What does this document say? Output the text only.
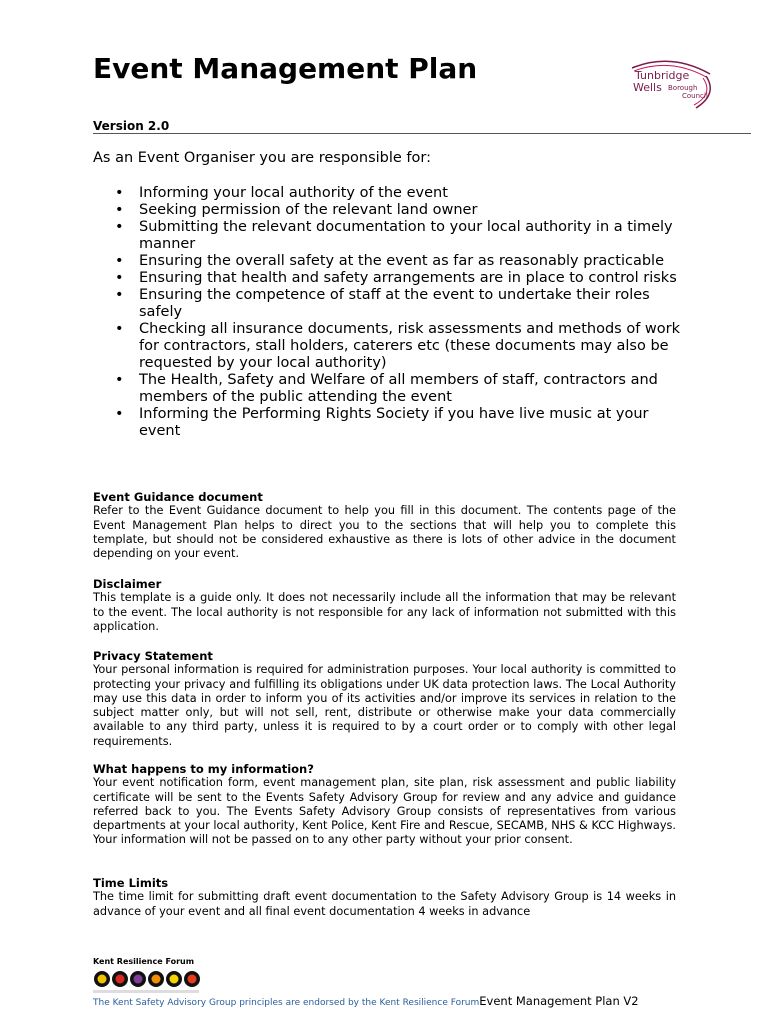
Event Management Plan
Version 2.0
Tunbridge
Wells Borough
Council
As an Event Organiser you are responsible for:
• Informing your local authority of the event
• Seeking permission of the relevant land owner
• Submitting the relevant documentation to your local authority in a timely manner
• Ensuring the overall safety at the event as far as reasonably practicable
• Ensuring that health and safety arrangements are in place to control risks
• Ensuring the competence of staff at the event to undertake their roles safely
• Checking all insurance documents, risk assessments and methods of work for contractors, stall holders, caterers etc (these documents may also be requested by your local authority)
• The Health, Safety and Welfare of all members of staff, contractors and members of the public attending the event
• Informing the Performing Rights Society if you have live music at your event
Event Guidance document

Refer to the Event Guidance document to help you fill in this document. The contents page of the Event Management Plan helps to direct you to the sections that will help you to complete this template, but should not be considered exhaustive as there is lots of other advice in the document depending on your event.

Disclaimer

This template is a guide only. It does not necessarily include all the information that may be relevant to the event. The local authority is not responsible for any lack of information not submitted with this application.

Privacy Statement

Your personal information is required for administration purposes. Your local authority is committed to protecting your privacy and fulfilling its obligations under UK data protection laws. The Local Authority may use this data in order to inform you of its activities and/or improve its services in relation to the subject matter only, but will not sell, rent, distribute or otherwise make your data commercially available to any third party, unless it is required to by a court order or to comply with other legal requirements.

What happens to my information?

Your event notification form, event management plan, site plan, risk assessment and public liability certificate will be sent to the Events Safety Advisory Group for review and any advice and guidance referred back to you. The Events Safety Advisory Group consists of representatives from various departments at your local authority, Kent Police, Kent Fire and Rescue, SECAMB, NHS & KCC Highways. Your information will not be passed on to any other party without your prior consent.

Time Limits

The time limit for submitting draft event documentation to the Safety Advisory Group is 14 weeks in advance of your event and all final event documentation 4 weeks in advance

Kent Resilience Forum
The Kent Safety Advisory Group principles are endorsed by the Kent Resilience ForumEvent Management Plan V2
